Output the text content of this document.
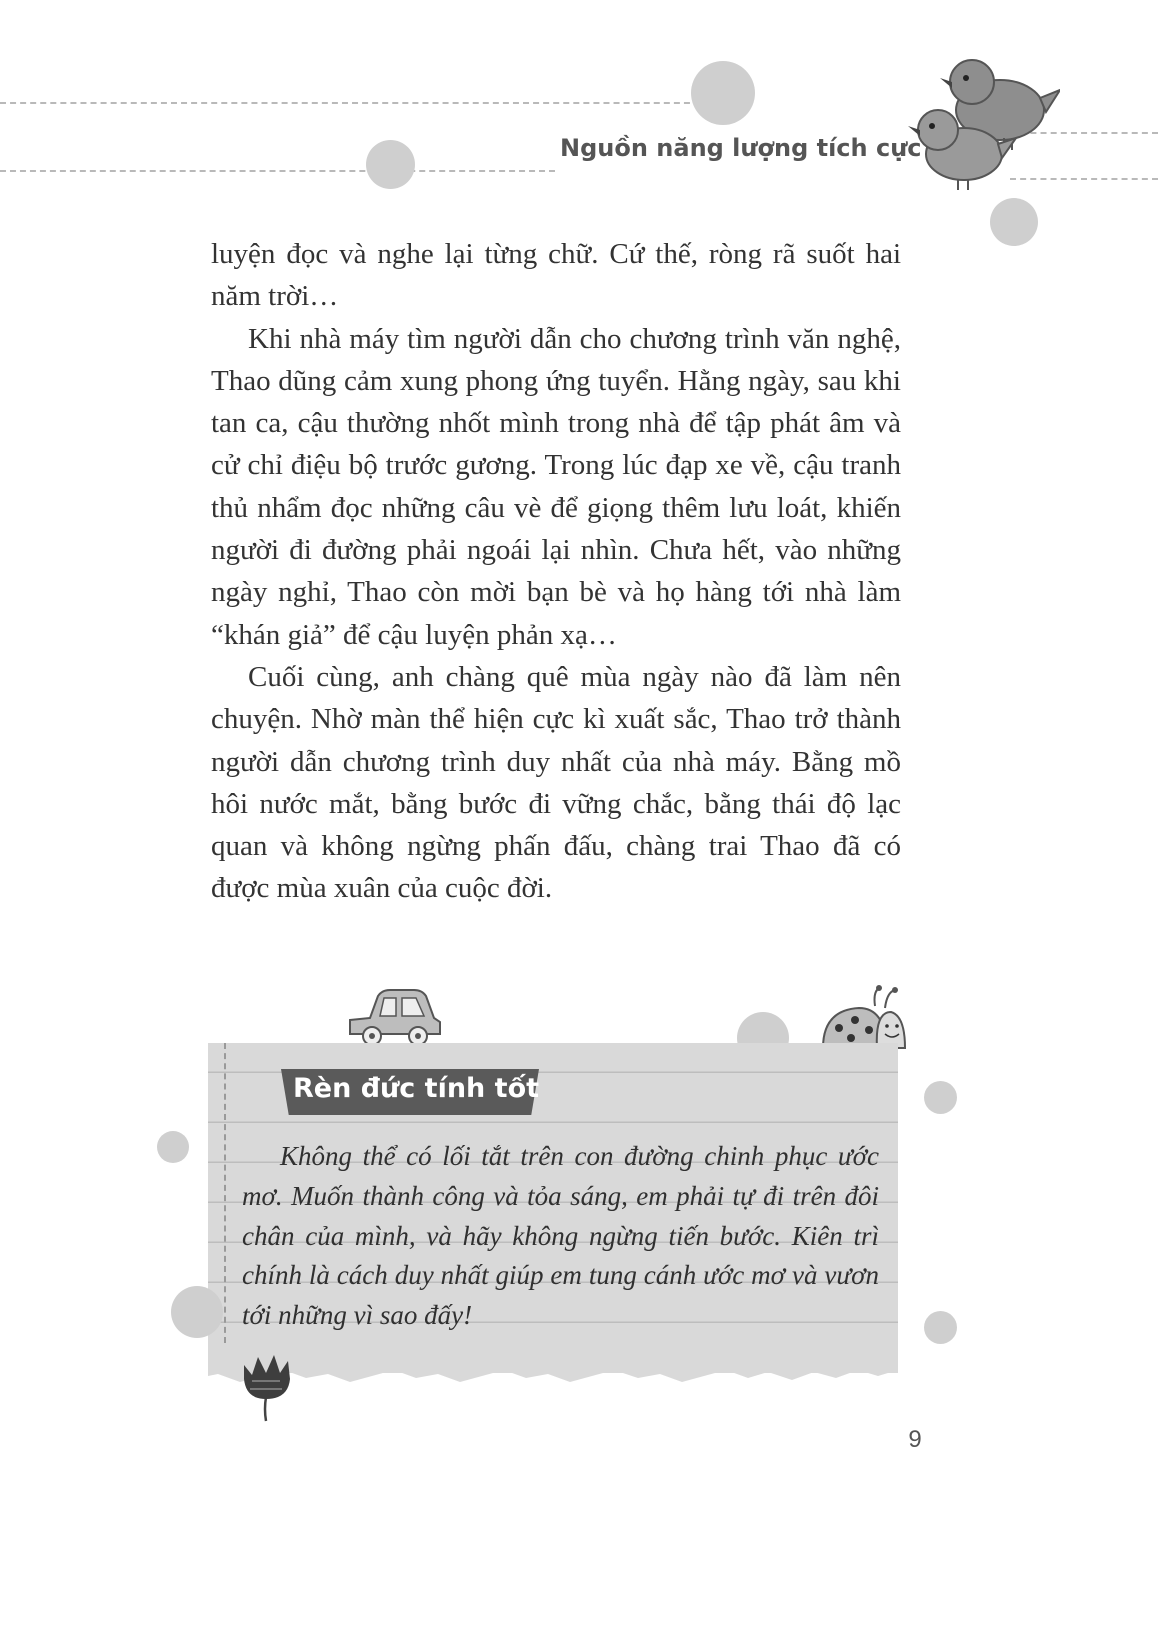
Nguồn năng lượng tích cực

luyện đọc và nghe lại từng chữ. Cứ thế, ròng rã suốt hai năm trời…

Khi nhà máy tìm người dẫn cho chương trình văn nghệ, Thao dũng cảm xung phong ứng tuyển. Hằng ngày, sau khi tan ca, cậu thường nhốt mình trong nhà để tập phát âm và cử chỉ điệu bộ trước gương. Trong lúc đạp xe về, cậu tranh thủ nhẩm đọc những câu vè để giọng thêm lưu loát, khiến người đi đường phải ngoái lại nhìn. Chưa hết, vào những ngày nghỉ, Thao còn mời bạn bè và họ hàng tới nhà làm “khán giả” để cậu luyện phản xạ…

Cuối cùng, anh chàng quê mùa ngày nào đã làm nên chuyện. Nhờ màn thể hiện cực kì xuất sắc, Thao trở thành người dẫn chương trình duy nhất của nhà máy. Bằng mồ hôi nước mắt, bằng bước đi vững chắc, bằng thái độ lạc quan và không ngừng phấn đấu, chàng trai Thao đã có được mùa xuân của cuộc đời.

Rèn đức tính tốt

Không thể có lối tắt trên con đường chinh phục ước mơ. Muốn thành công và tỏa sáng, em phải tự đi trên đôi chân của mình, và hãy không ngừng tiến bước. Kiên trì chính là cách duy nhất giúp em tung cánh ước mơ và vươn tới những vì sao đấy!

9
